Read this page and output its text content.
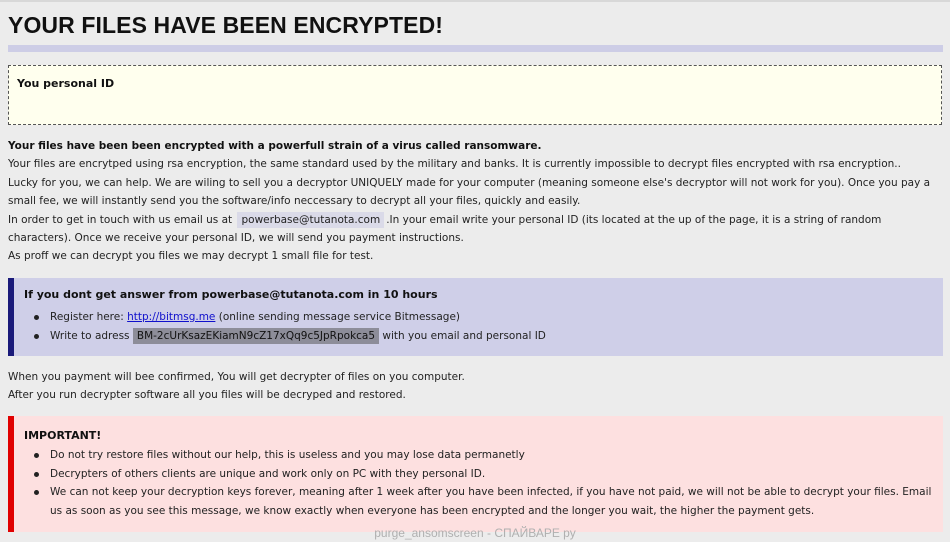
YOUR FILES HAVE BEEN ENCRYPTED!
You personal ID
Your files have been been encrypted with a powerfull strain of a virus called ransomware.
Your files are encrytped using rsa encryption, the same standard used by the military and banks. It is currently impossible to decrypt files encrypted with rsa encryption..
Lucky for you, we can help. We are wiling to sell you a decryptor UNIQUELY made for your computer (meaning someone else's decryptor will not work for you). Once you pay a small fee, we will instantly send you the software/info neccessary to decrypt all your files, quickly and easily.
In order to get in touch with us email us at powerbase@tutanota.com .In your email write your personal ID (its located at the up of the page, it is a string of random characters). Once we receive your personal ID, we will send you payment instructions.
As proff we can decrypt you files we may decrypt 1 small file for test.
If you dont get answer from powerbase@tutanota.com in 10 hours
Register here: http://bitmsg.me (online sending message service Bitmessage)
Write to adress BM-2cUrKsazEKiamN9cZ17xQq9c5JpRpokca5 with you email and personal ID
When you payment will bee confirmed, You will get decrypter of files on you computer.
After you run decrypter software all you files will be decryped and restored.
IMPORTANT!
Do not try restore files without our help, this is useless and you may lose data permanetly
Decrypters of others clients are unique and work only on PC with they personal ID.
We can not keep your decryption keys forever, meaning after 1 week after you have been infected, if you have not paid, we will not be able to decrypt your files. Email us as soon as you see this message, we know exactly when everyone has been encrypted and the longer you wait, the higher the payment gets.
purge_ansomscreen - СПАЙВАРЕ ру
